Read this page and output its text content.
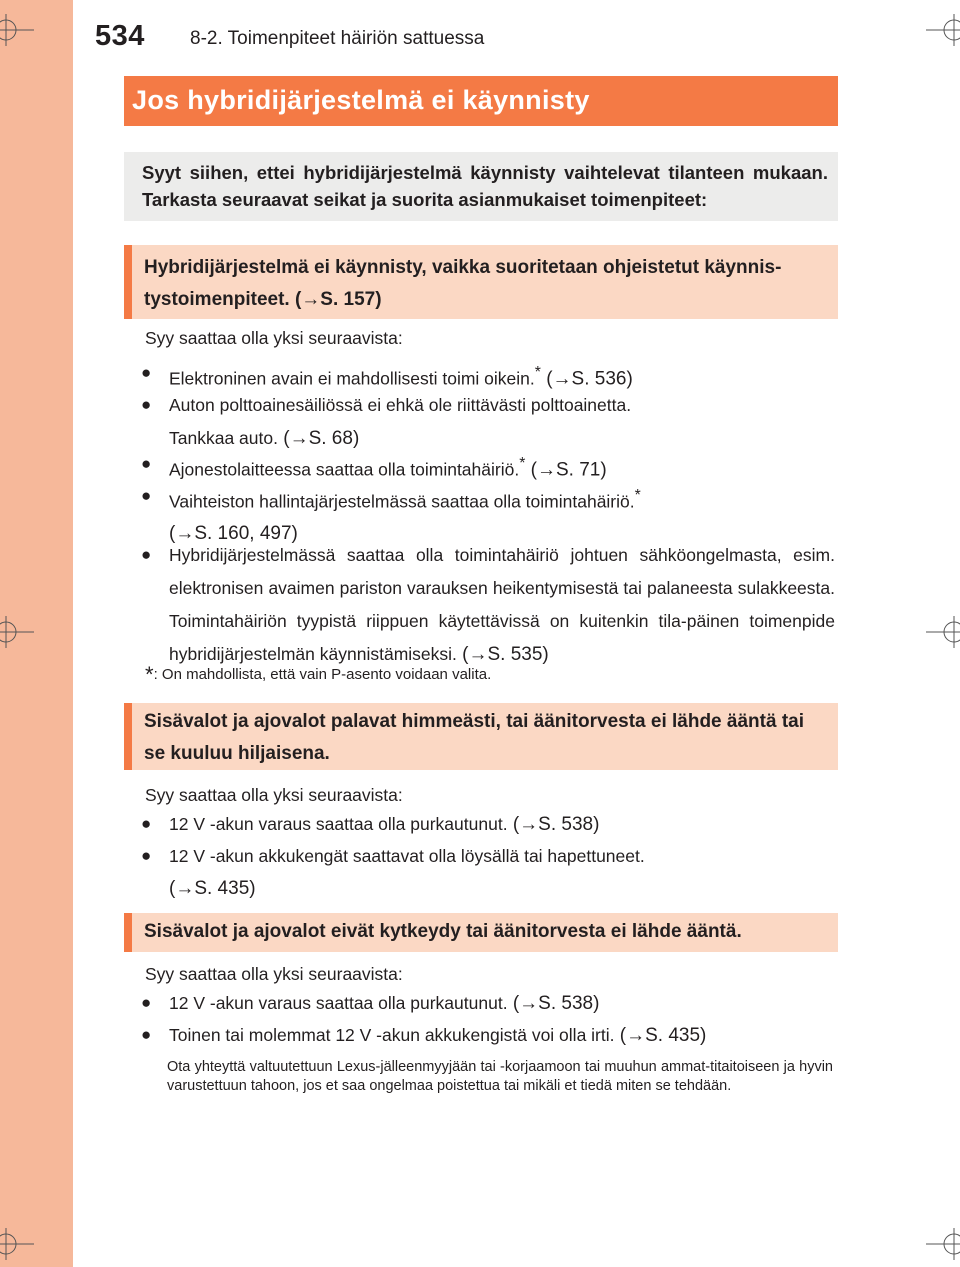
534 8-2. Toimenpiteet häiriön sattuessa
Jos hybridijärjestelmä ei käynnisty

Syyt siihen, ettei hybridijärjestelmä käynnisty vaihtelevat tilanteen mukaan. Tarkasta seuraavat seikat ja suorita asianmukaiset toimenpiteet:

Hybridijärjestelmä ei käynnisty, vaikka suoritetaan ohjeistetut käynnis-tystoimenpiteet. (→S. 157)
Syy saattaa olla yksi seuraavista:
● Elektroninen avain ei mahdollisesti toimi oikein.* (→S. 536)
● Auton polttoainesäiliössä ei ehkä ole riittävästi polttoainetta.
Tankkaa auto. (→S. 68)
● Ajonestolaitteessa saattaa olla toimintahäiriö.* (→S. 71)
● Vaihteiston hallintajärjestelmässä saattaa olla toimintahäiriö.*
(→S. 160, 497)
● Hybridijärjestelmässä saattaa olla toimintahäiriö johtuen sähköongelmasta, esim. elektronisen avaimen pariston varauksen heikentymisestä tai palaneesta sulakkeesta. Toimintahäiriön tyypistä riippuen käytettävissä on kuitenkin tila-päinen toimenpide hybridijärjestelmän käynnistämiseksi. (→S. 535)
*: On mahdollista, että vain P-asento voidaan valita.
Sisävalot ja ajovalot palavat himmeästi, tai äänitorvesta ei lähde ääntä tai se kuuluu hiljaisena.
Syy saattaa olla yksi seuraavista:
● 12 V -akun varaus saattaa olla purkautunut. (→S. 538)
● 12 V -akun akkukengät saattavat olla löysällä tai hapettuneet.
(→S. 435)
Sisävalot ja ajovalot eivät kytkeydy tai äänitorvesta ei lähde ääntä.
Syy saattaa olla yksi seuraavista:
● 12 V -akun varaus saattaa olla purkautunut. (→S. 538)
● Toinen tai molemmat 12 V -akun akkukengistä voi olla irti. (→S. 435)
Ota yhteyttä valtuutettuun Lexus-jälleenmyyjään tai -korjaamoon tai muuhun ammat-titaitoiseen ja hyvin varustettuun tahoon, jos et saa ongelmaa poistettua tai mikäli et tiedä miten se tehdään.
